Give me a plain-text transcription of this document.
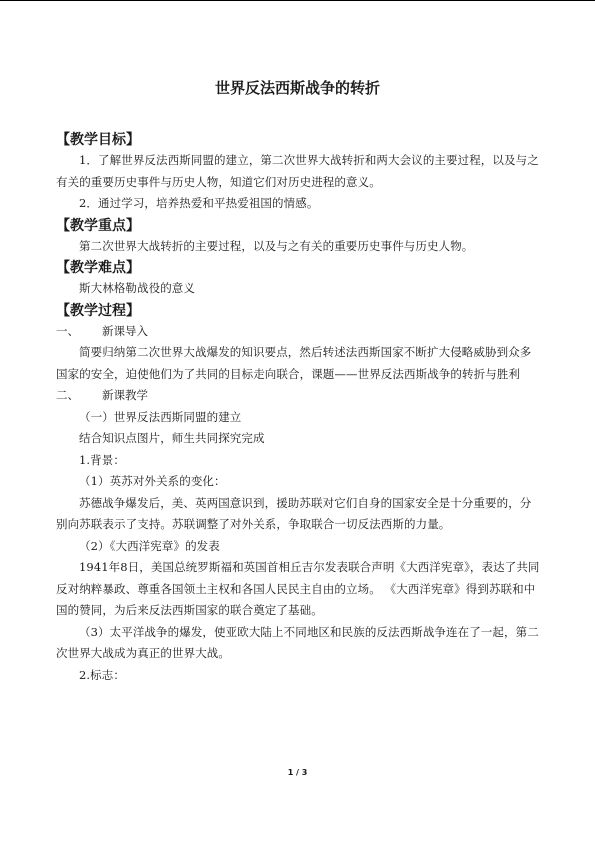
世界反法西斯战争的转折
【教学目标】
1．了解世界反法西斯同盟的建立，第二次世界大战转折和两大会议的主要过程，以及与之有关的重要历史事件与历史人物，知道它们对历史进程的意义。
2．通过学习，培养热爱和平热爱祖国的情感。
【教学重点】
第二次世界大战转折的主要过程，以及与之有关的重要历史事件与历史人物。
【教学难点】
斯大林格勒战役的意义
【教学过程】
一、	新课导入
简要归纳第二次世界大战爆发的知识要点，然后转述法西斯国家不断扩大侵略威胁到众多国家的安全，迫使他们为了共同的目标走向联合，课题——世界反法西斯战争的转折与胜利
二、	新课教学
（一）世界反法西斯同盟的建立
结合知识点图片，师生共同探究完成
1.背景：
（1）英苏对外关系的变化：
苏德战争爆发后，美、英两国意识到，援助苏联对它们自身的国家安全是十分重要的，分别向苏联表示了支持。苏联调整了对外关系，争取联合一切反法西斯的力量。
（2）《大西洋宪章》的发表
1941年8日，美国总统罗斯福和英国首相丘吉尔发表联合声明《大西洋宪章》，表达了共同反对纳粹暴政、尊重各国领土主权和各国人民民主自由的立场。 《大西洋宪章》得到苏联和中国的赞同，为后来反法西斯国家的联合奠定了基础。
（3）太平洋战争的爆发，使亚欧大陆上不同地区和民族的反法西斯战争连在了一起，第二次世界大战成为真正的世界大战。
2.标志：
1 / 3
